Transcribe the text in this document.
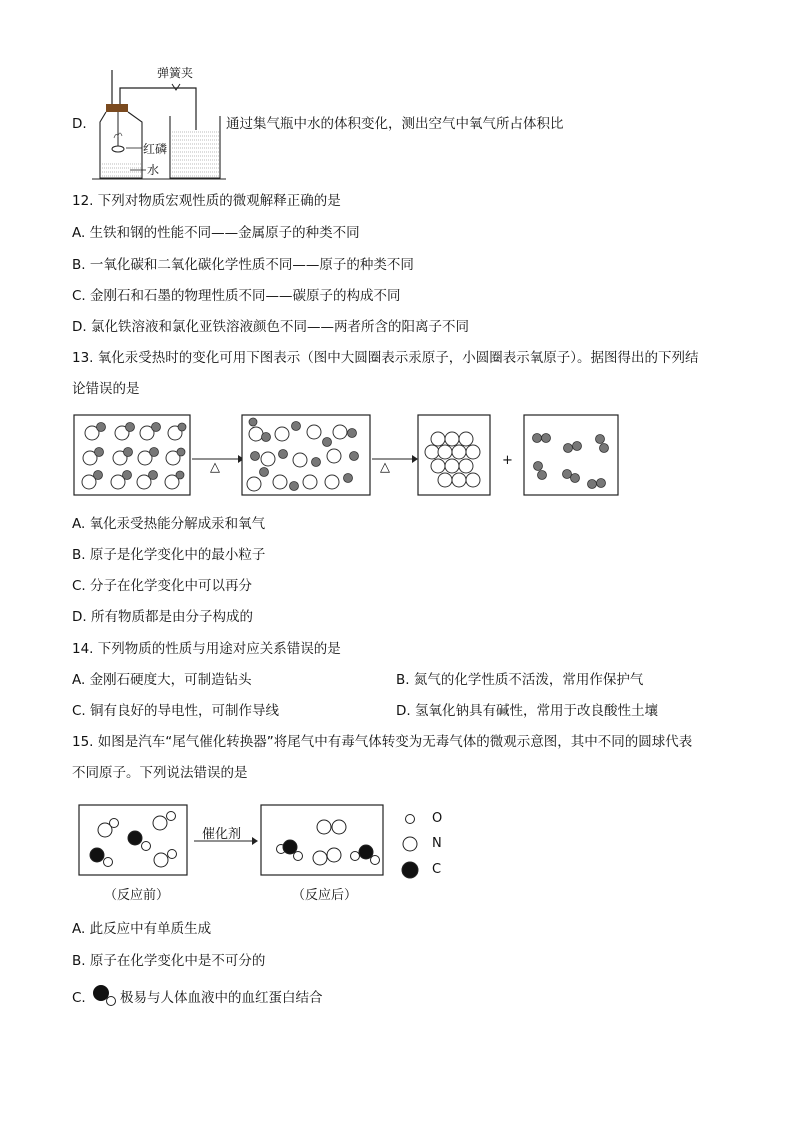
D.
弹簧夹
红磷
水
通过集气瓶中水的体积变化，测出空气中氧气所占体积比
12. 下列对物质宏观性质的微观解释正确的是
A. 生铁和钢的性能不同——金属原子的种类不同
B. 一氧化碳和二氧化碳化学性质不同——原子的种类不同
C. 金刚石和石墨的物理性质不同——碳原子的构成不同
D. 氯化铁溶液和氯化亚铁溶液颜色不同——两者所含的阳离子不同
13. 氧化汞受热时的变化可用下图表示（图中大圆圈表示汞原子，小圆圈表示氧原子）。据图得出的下列结
论错误的是
△	△	+
A. 氧化汞受热能分解成汞和氧气
B. 原子是化学变化中的最小粒子
C. 分子在化学变化中可以再分
D. 所有物质都是由分子构成的
14. 下列物质的性质与用途对应关系错误的是
A. 金刚石硬度大，可制造钻头	B. 氮气的化学性质不活泼，常用作保护气
C. 铜有良好的导电性，可制作导线	D. 氢氧化钠具有碱性，常用于改良酸性土壤
15. 如图是汽车“尾气催化转换器”将尾气中有毒气体转变为无毒气体的微观示意图，其中不同的圆球代表
不同原子。下列说法错误的是
催化剂
（反应前）	（反应后）
O
N
C
A. 此反应中有单质生成
B. 原子在化学变化中是不可分的
C.	极易与人体血液中的血红蛋白结合
